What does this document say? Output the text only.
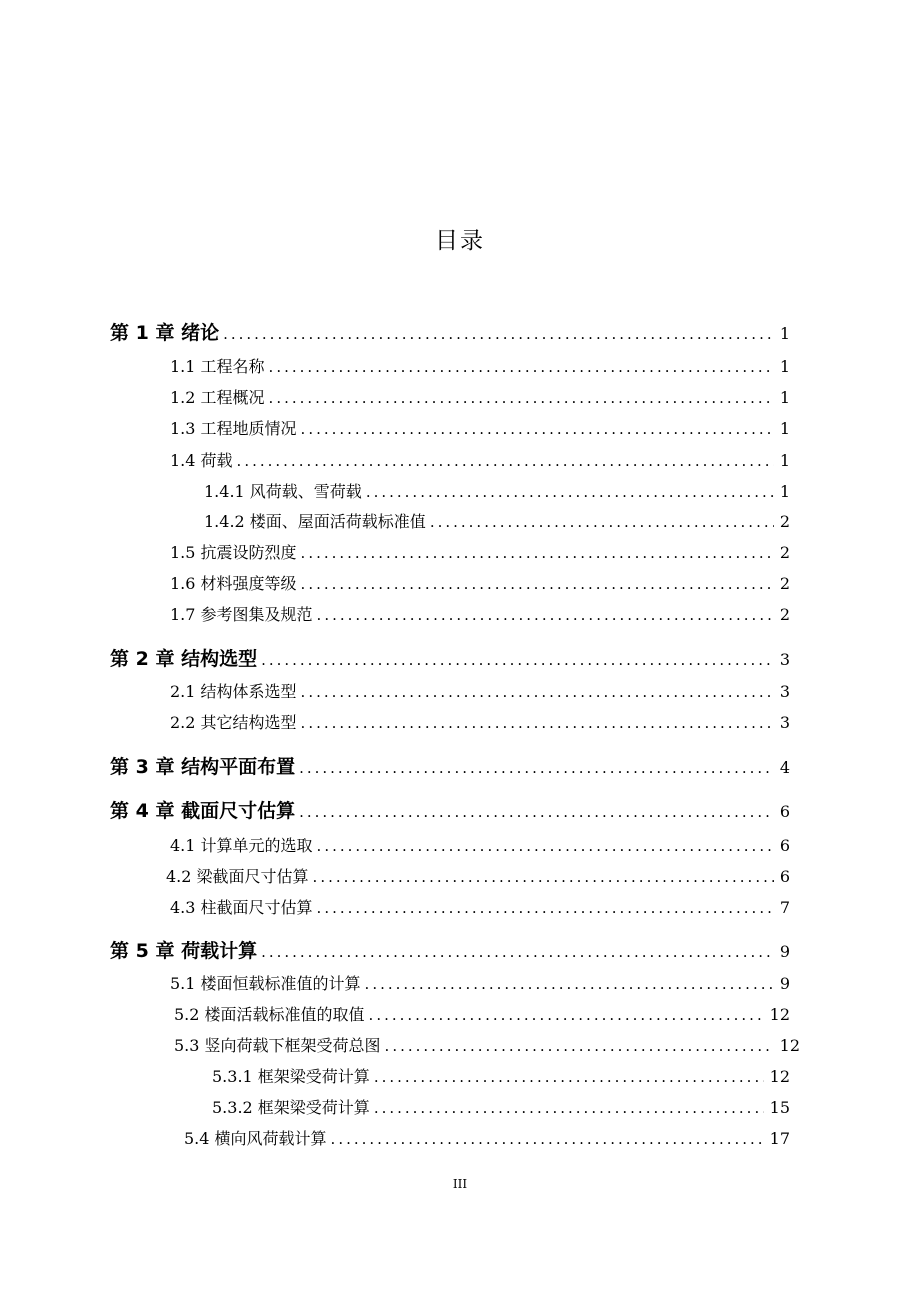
目录
第 1 章 绪论 .....	1
1.1 工程名称 .....	1
1.2 工程概况 .....	1
1.3 工程地质情况 .....	1
1.4 荷载 .....	1
1.4.1 风荷载、雪荷载 .....	1
1.4.2 楼面、屋面活荷载标准值 .....	2
1.5 抗震设防烈度 .....	2
1.6 材料强度等级 .....	2
1.7 参考图集及规范 .....	2
第 2 章 结构选型 .....	3
2.1 结构体系选型 .....	3
2.2 其它结构选型 .....	3
第 3 章 结构平面布置 .....	4
第 4 章 截面尺寸估算 .....	6
4.1 计算单元的选取 .....	6
4.2 梁截面尺寸估算 .....	6
4.3 柱截面尺寸估算 .....	7
第 5 章 荷载计算 .....	9
5.1 楼面恒载标准值的计算 .....	9
5.2 楼面活载标准值的取值 .....	12
5.3 竖向荷载下框架受荷总图 .....	12
5.3.1 框架梁受荷计算 .....	12
5.3.2 框架梁受荷计算 .....	15
5.4 横向风荷载计算 .....	17
III
